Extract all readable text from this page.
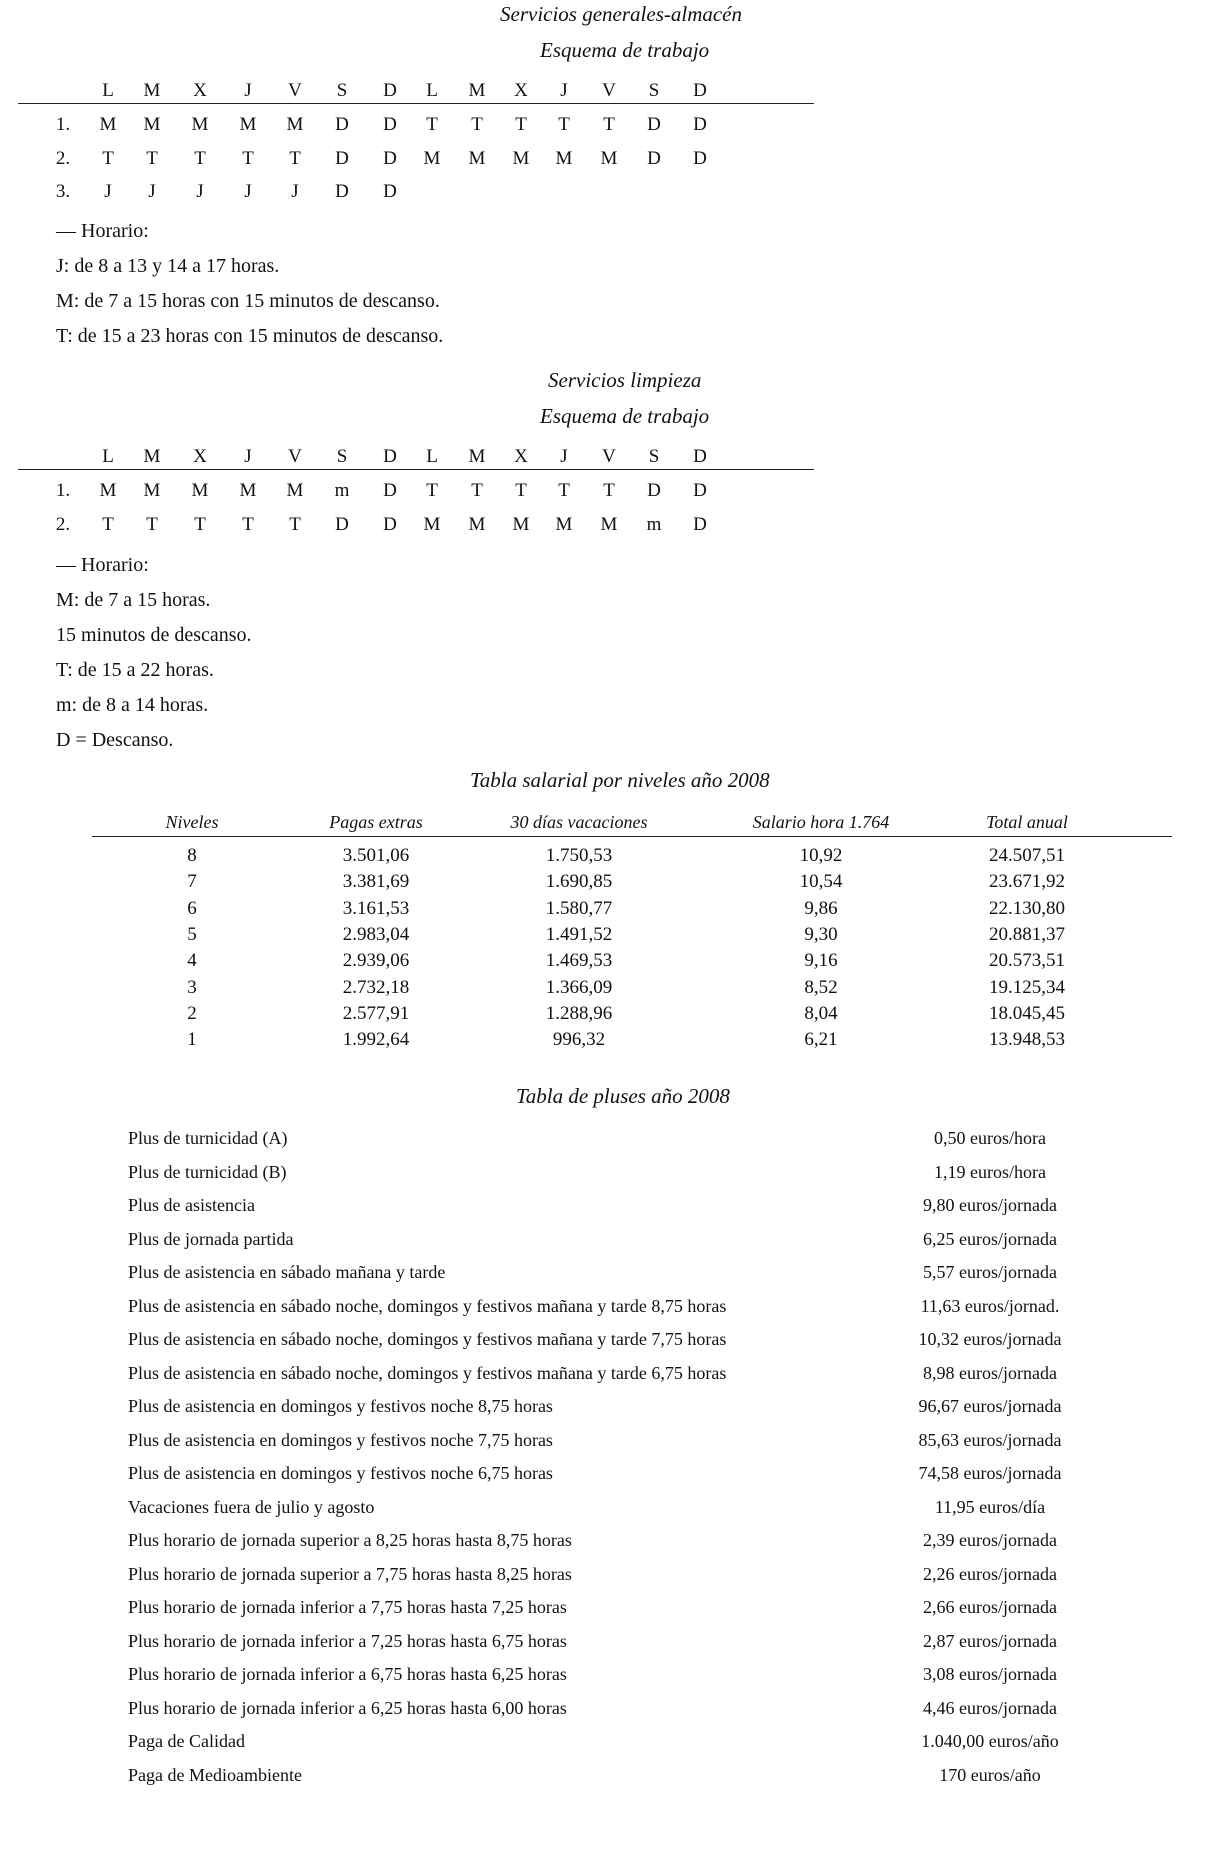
Servicios generales-almacén
Esquema de trabajo
L	M	X	J	V	S	D	L	M	X	J	V	S	D
1.	M	M	M	M	M	D	D	T	T	T	T	T	D	D
2.	T	T	T	T	T	D	D	M	M	M	M	M	D	D
3.	J	J	J	J	J	D	D
— Horario:
J: de 8 a 13 y 14 a 17 horas.
M: de 7 a 15 horas con 15 minutos de descanso.
T: de 15 a 23 horas con 15 minutos de descanso.
Servicios limpieza
Esquema de trabajo
L	M	X	J	V	S	D	L	M	X	J	V	S	D
1.	M	M	M	M	M	m	D	T	T	T	T	T	D	D
2.	T	T	T	T	T	D	D	M	M	M	M	M	m	D
— Horario:
M: de 7 a 15 horas.
15 minutos de descanso.
T: de 15 a 22 horas.
m: de 8 a 14 horas.
D = Descanso.
Tabla salarial por niveles año 2008
Niveles	Pagas extras	30 días vacaciones	Salario hora 1.764	Total anual
8	3.501,06	1.750,53	10,92	24.507,51
7	3.381,69	1.690,85	10,54	23.671,92
6	3.161,53	1.580,77	9,86	22.130,80
5	2.983,04	1.491,52	9,30	20.881,37
4	2.939,06	1.469,53	9,16	20.573,51
3	2.732,18	1.366,09	8,52	19.125,34
2	2.577,91	1.288,96	8,04	18.045,45
1	1.992,64	996,32	6,21	13.948,53
Tabla de pluses año 2008
Plus de turnicidad (A)	0,50 euros/hora
Plus de turnicidad (B)	1,19 euros/hora
Plus de asistencia	9,80 euros/jornada
Plus de jornada partida	6,25 euros/jornada
Plus de asistencia en sábado mañana y tarde	5,57 euros/jornada
Plus de asistencia en sábado noche, domingos y festivos mañana y tarde 8,75 horas	11,63 euros/jornad.
Plus de asistencia en sábado noche, domingos y festivos mañana y tarde 7,75 horas	10,32 euros/jornada
Plus de asistencia en sábado noche, domingos y festivos mañana y tarde 6,75 horas	8,98 euros/jornada
Plus de asistencia en domingos y festivos noche 8,75 horas	96,67 euros/jornada
Plus de asistencia en domingos y festivos noche 7,75 horas	85,63 euros/jornada
Plus de asistencia en domingos y festivos noche 6,75 horas	74,58 euros/jornada
Vacaciones fuera de julio y agosto	11,95 euros/día
Plus horario de jornada superior a 8,25 horas hasta 8,75 horas	2,39 euros/jornada
Plus horario de jornada superior a 7,75 horas hasta 8,25 horas	2,26 euros/jornada
Plus horario de jornada inferior a 7,75 horas hasta 7,25 horas	2,66 euros/jornada
Plus horario de jornada inferior a 7,25 horas hasta 6,75 horas	2,87 euros/jornada
Plus horario de jornada inferior a 6,75 horas hasta 6,25 horas	3,08 euros/jornada
Plus horario de jornada inferior a 6,25 horas hasta 6,00 horas	4,46 euros/jornada
Paga de Calidad	1.040,00 euros/año
Paga de Medioambiente	170 euros/año
